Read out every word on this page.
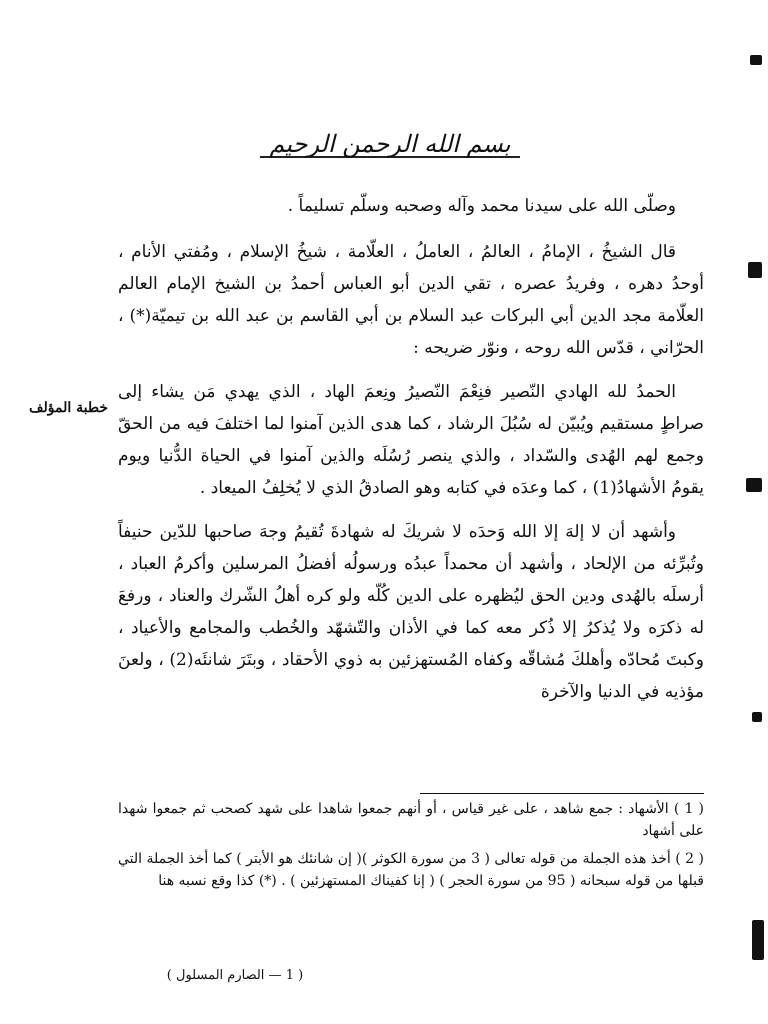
بسم الله الرحمن الرحيم
خطبة المؤلف

وصلّى الله على سيدنا محمد وآله وصحبه وسلّم تسليماً .

قال الشيخُ ، الإمامُ ، العالمُ ، العاملُ ، العلّامة ، شيخُ الإسلام ، ومُفتي الأنام ، أوحدُ دهره ، وفريدُ عصره ، تقي الدين أبو العباس أحمدُ بن الشيخ الإمام العالم العلّامة مجد الدين أبي البركات عبد السلام بن أبي القاسم بن عبد الله بن تيميّة(*) ، الحرّاني ، قدّس الله روحه ، ونوّر ضريحه :

الحمدُ لله الهادي النّصير فنِعْمَ النّصيرُ ونِعمَ الهاد ، الذي يهدي مَن يشاء إلى صراطٍ مستقيم ويُبيّن له سُبُلَ الرشاد ، كما هدى الذين آمنوا لما اختلفَ فيه من الحقّ وجمع لهم الهُدى والسّداد ، والذي ينصر رُسُلَه والذين آمنوا في الحياة الدُّنيا ويوم يقومُ الأشهادُ(1) ، كما وعدَه في كتابه وهو الصادقُ الذي لا يُخلِفُ الميعاد .

وأشهد أن لا إلهَ إلا الله وَحدَه لا شريكَ له شهادةَ تُقيمُ وجهَ صاحبها للدّين حنيفاً وتُبرِّئه من الإلحاد ، وأشهد أن محمداً عبدُه ورسولُه أفضلُ المرسلين وأكرمُ العباد ، أرسلَه بالهُدى ودين الحق ليُظهره على الدين كُلّه ولو كره أهلُ الشّرك والعناد ، ورفعَ له ذكرَه ولا يُذكرُ إلا ذُكر معه كما في الأذان والتّشهّد والخُطب والمجامع والأعياد ، وكبتَ مُحادّه وأهلكَ مُشاقّه وكفاه المُستهزئين به ذوي الأحقاد ، وبتَرَ شانئَه(2) ، ولعنَ مؤذيه في الدنيا والآخرة

( 1 ) الأشهاد : جمع شاهد ، على غير قياس ، أو أنهم جمعوا شاهدا على شهد كصحب ثم جمعوا شهدا على أشهاد

( 2 ) أخذ هذه الجملة من قوله تعالى ( 3 من سورة الكوثر )( إن شانئك هو الأبتر ) كما أخذ الجملة التي قبلها من قوله سبحانه ( 95 من سورة الحجر ) ( إنا كفيناك المستهزئين ) . (*) كذا وقع نسبه هنا

( 1 — الصارم المسلول )
